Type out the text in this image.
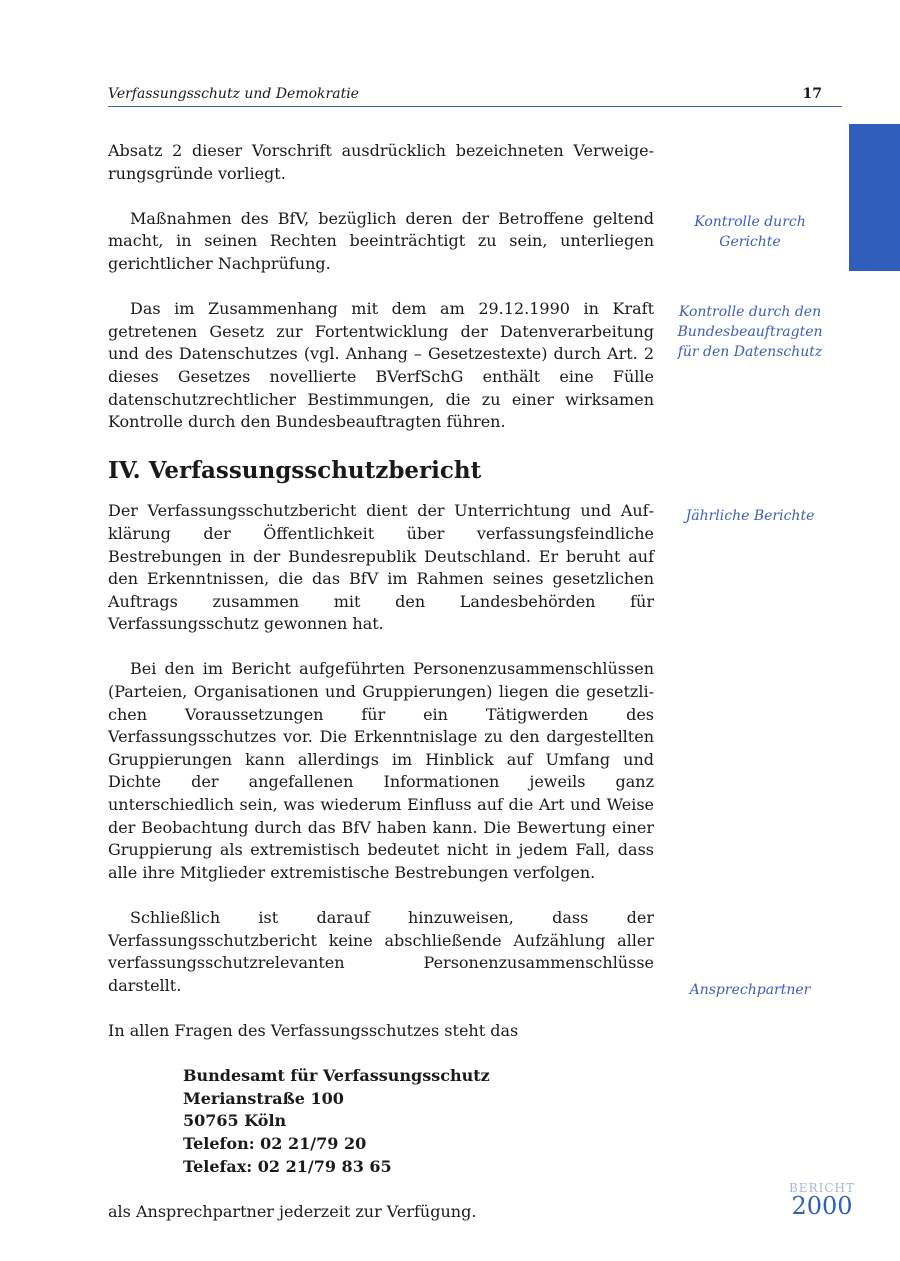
Verfassungsschutz und Demokratie	17

Absatz 2 dieser Vorschrift ausdrücklich bezeichneten Verweigerungsgründe vorliegt.

Maßnahmen des BfV, bezüglich deren der Betroffene geltend macht, in seinen Rechten beeinträchtigt zu sein, unterliegen gerichtlicher Nachprüfung.

Das im Zusammenhang mit dem am 29.12.1990 in Kraft getretenen Gesetz zur Fortentwicklung der Datenverarbeitung und des Datenschutzes (vgl. Anhang – Gesetzestexte) durch Art. 2 dieses Gesetzes novellierte BVerfSchG enthält eine Fülle datenschutzrechtlicher Bestimmungen, die zu einer wirksamen Kontrolle durch den Bundesbeauftragten führen.

IV. Verfassungsschutzbericht

Der Verfassungsschutzbericht dient der Unterrichtung und Aufklärung der Öffentlichkeit über verfassungsfeindliche Bestrebungen in der Bundesrepublik Deutschland. Er beruht auf den Erkenntnissen, die das BfV im Rahmen seines gesetzlichen Auftrags zusammen mit den Landesbehörden für Verfassungsschutz gewonnen hat.

Bei den im Bericht aufgeführten Personenzusammenschlüssen (Parteien, Organisationen und Gruppierungen) liegen die gesetzlichen Voraussetzungen für ein Tätigwerden des Verfassungsschutzes vor. Die Erkenntnislage zu den dargestellten Gruppierungen kann allerdings im Hinblick auf Umfang und Dichte der angefallenen Informationen jeweils ganz unterschiedlich sein, was wiederum Einfluss auf die Art und Weise der Beobachtung durch das BfV haben kann. Die Bewertung einer Gruppierung als extremistisch bedeutet nicht in jedem Fall, dass alle ihre Mitglieder extremistische Bestrebungen verfolgen.

Schließlich ist darauf hinzuweisen, dass der Verfassungsschutzbericht keine abschließende Aufzählung aller verfassungsschutzrelevanten Personenzusammenschlüsse darstellt.

In allen Fragen des Verfassungsschutzes steht das

Bundesamt für Verfassungsschutz
Merianstraße 100
50765 Köln
Telefon: 02 21/79 20
Telefax: 02 21/79 83 65

als Ansprechpartner jederzeit zur Verfügung.

Kontrolle durch Gerichte
Kontrolle durch den Bundesbeauftragten für den Datenschutz
Jährliche Berichte
Ansprechpartner
BERICHT
2000
